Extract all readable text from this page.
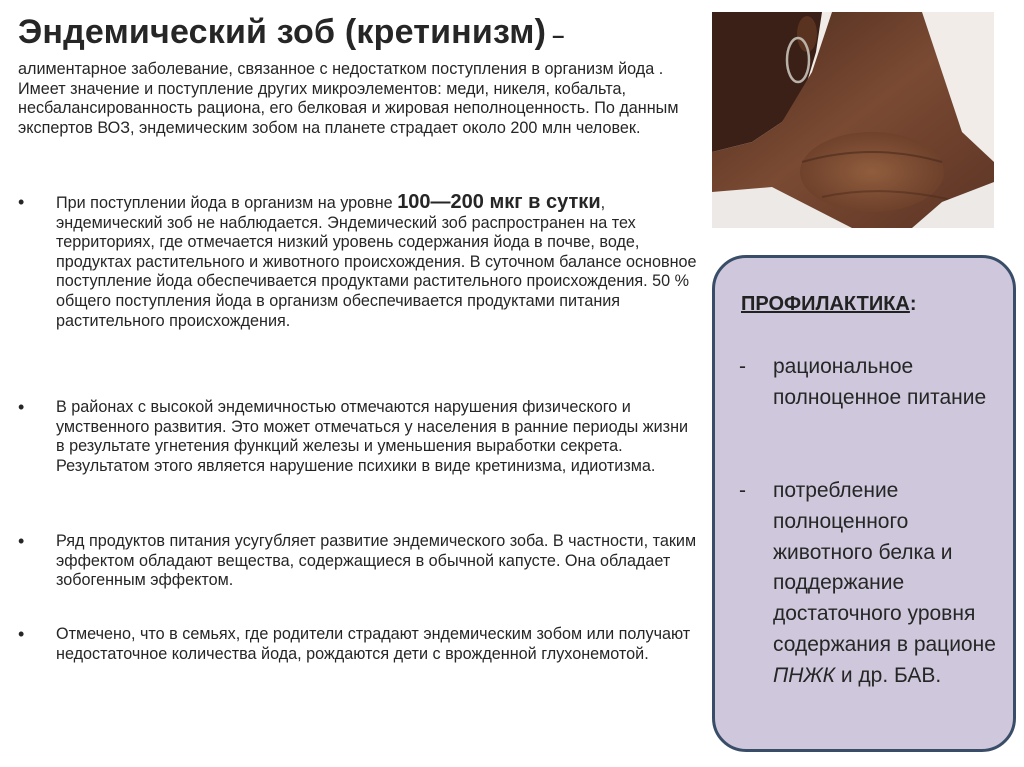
Эндемический зоб (кретинизм) –
алиментарное заболевание, связанное с недостатком поступления в организм йода . Имеет значение и поступление других микроэлементов: меди, никеля, кобальта, несбалансированность рациона, его белковая и жировая неполноценность. По данным экспертов ВОЗ, эндемическим зобом на планете страдает около 200 млн человек.
•	При поступлении йода в организм на уровне 100—200 мкг в сутки, эндемический зоб не наблюдается. Эндемический зоб распространен на тех территориях, где отмечается низкий уровень содержания йода в почве, воде, продуктах растительного и животного происхождения. В суточном балансе основное поступление йода обеспечивается продуктами растительного происхождения. 50 % общего поступления йода в организм обеспечивается продуктами питания растительного происхождения.
•	В районах с высокой эндемичностью отмечаются нарушения физического и умственного развития. Это может отмечаться у населения в ранние периоды жизни в результате угнетения функций железы и уменьшения выработки секрета. Результатом этого является нарушение психики в виде кретинизма, идиотизма.
•	Ряд продуктов питания усугубляет развитие эндемического зоба. В частности, таким эффектом обладают вещества, содержащиеся в обычной капусте. Она обладает зобогенным эффектом.
•	Отмечено, что в семьях, где родители страдают эндемическим зобом или получают недостаточное количества йода, рождаются дети с врожденной глухонемотой.
ПРОФИЛАКТИКА:
- рациональное полноценное питание
- потребление полноценного животного белка и поддержание достаточного уровня содержания в рационе ПНЖК и др. БАВ.
